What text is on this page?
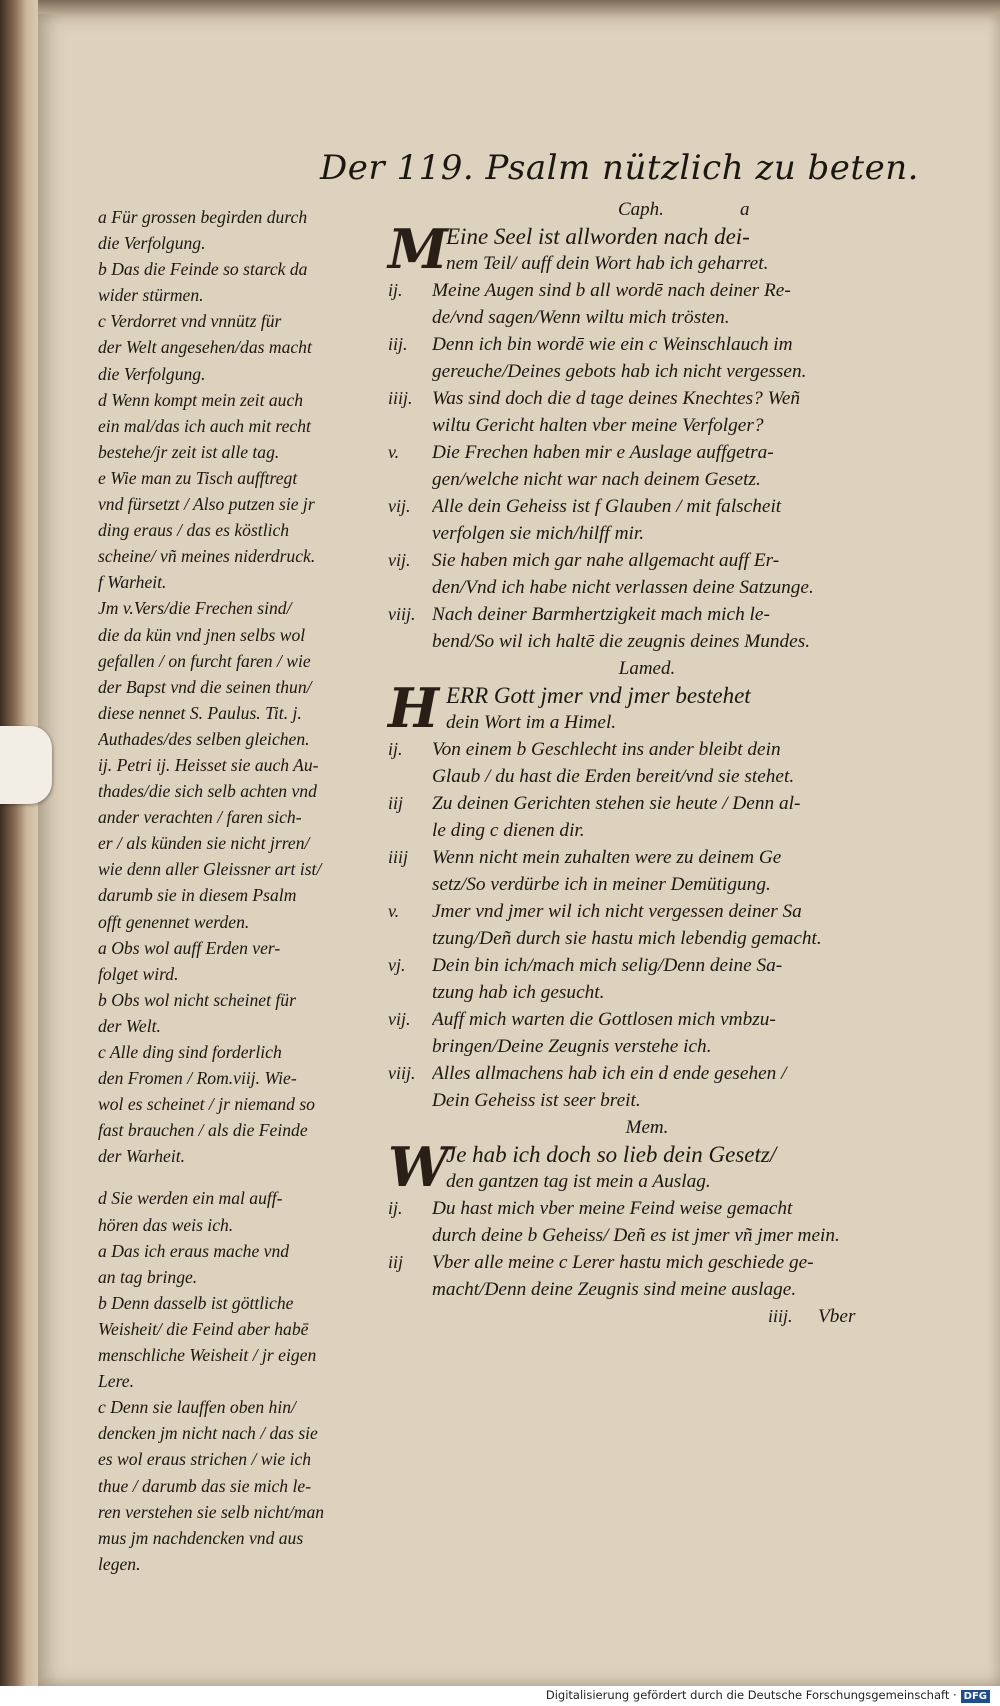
Der 119. Psalm nützlich zu beten.
a Für grossen begirden durch
die Verfolgung.
b Das die Feinde so starck da
wider stürmen.
c Verdorret vnd vnnütz für
der Welt angesehen/das macht
die Verfolgung.
d Wenn kompt mein zeit auch
ein mal/das ich auch mit recht
bestehe/jr zeit ist alle tag.
e Wie man zu Tisch aufftregt
vnd fürsetzt / Also putzen sie jr
ding eraus / das es köstlich
scheine/ vñ meines niderdruck.
f Warheit.
Jm v.Vers/die Frechen sind/
die da kün vnd jnen selbs wol
gefallen / on furcht faren / wie
der Bapst vnd die seinen thun/
diese nennet S. Paulus. Tit. j.
Authades/des selben gleichen.
ij. Petri ij. Heisset sie auch Au-
thades/die sich selb achten vnd
ander verachten / faren sich-
er / als künden sie nicht jrren/
wie denn aller Gleissner art ist/
darumb sie in diesem Psalm
offt genennet werden.
a Obs wol auff Erden ver-
folget wird.
b Obs wol nicht scheinet für
der Welt.
c Alle ding sind forderlich
den Fromen / Rom.viij. Wie-
wol es scheinet / jr niemand so
fast brauchen / als die Feinde
der Warheit.
d Sie werden ein mal auff-
hören das weis ich.
a Das ich eraus mache vnd
an tag bringe.
b Denn dasselb ist göttliche
Weisheit/ die Feind aber habē
menschliche Weisheit / jr eigen
Lere.
c Denn sie lauffen oben hin/
dencken jm nicht nach / das sie
es wol eraus strichen / wie ich
thue / darumb das sie mich le-
ren verstehen sie selb nicht/man
mus jm nachdencken vnd aus
legen.
Caph.	a
M
Eine Seel ist allworden nach dei-
nem Teil/ auff dein Wort hab ich geharret.
ij.	Meine Augen sind b all wordē nach deiner Re-
de/vnd sagen/Wenn wiltu mich trösten.
iij.	Denn ich bin wordē wie ein c Weinschlauch im
gereuche/Deines gebots hab ich nicht vergessen.
iiij.	Was sind doch die d tage deines Knechtes? Weñ
wiltu Gericht halten vber meine Verfolger?
v.	Die Frechen haben mir e Auslage auffgetra-
gen/welche nicht war nach deinem Gesetz.
vij.	Alle dein Geheiss ist f Glauben / mit falscheit
verfolgen sie mich/hilff mir.
vij.	Sie haben mich gar nahe allgemacht auff Er-
den/Vnd ich habe nicht verlassen deine Satzunge.
viij. Nach deiner Barmhertzigkeit mach mich le-
bend/So wil ich haltē die zeugnis deines Mundes.
Lamed.
H ERR Gott jmer vnd jmer bestehet
dein Wort im a Himel.
ij.	Von einem b Geschlecht ins ander bleibt dein
Glaub / du hast die Erden bereit/vnd sie stehet.
iij	Zu deinen Gerichten stehen sie heute / Denn al-
le ding c dienen dir.
iiij	Wenn nicht mein zuhalten were zu deinem Ge
setz/So verdürbe ich in meiner Demütigung.
v.	Jmer vnd jmer wil ich nicht vergessen deiner Sa
tzung/Deñ durch sie hastu mich lebendig gemacht.
vj.	Dein bin ich/mach mich selig/Denn deine Sa-
tzung hab ich gesucht.
vij.	Auff mich warten die Gottlosen mich vmbzu-
bringen/Deine Zeugnis verstehe ich.
viij. Alles allmachens hab ich ein d ende gesehen /
Dein Geheiss ist seer breit.
Mem.
W
Je hab ich doch so lieb dein Gesetz/
den gantzen tag ist mein a Auslag.
ij.	Du hast mich vber meine Feind weise gemacht
durch deine b Geheiss/ Deñ es ist jmer vñ jmer mein.
iij	Vber alle meine c Lerer hastu mich geschiede ge-
macht/Denn deine Zeugnis sind meine auslage.
iiij. Vber
Digitalisierung gefördert durch die Deutsche Forschungsgemeinschaft · DFG
